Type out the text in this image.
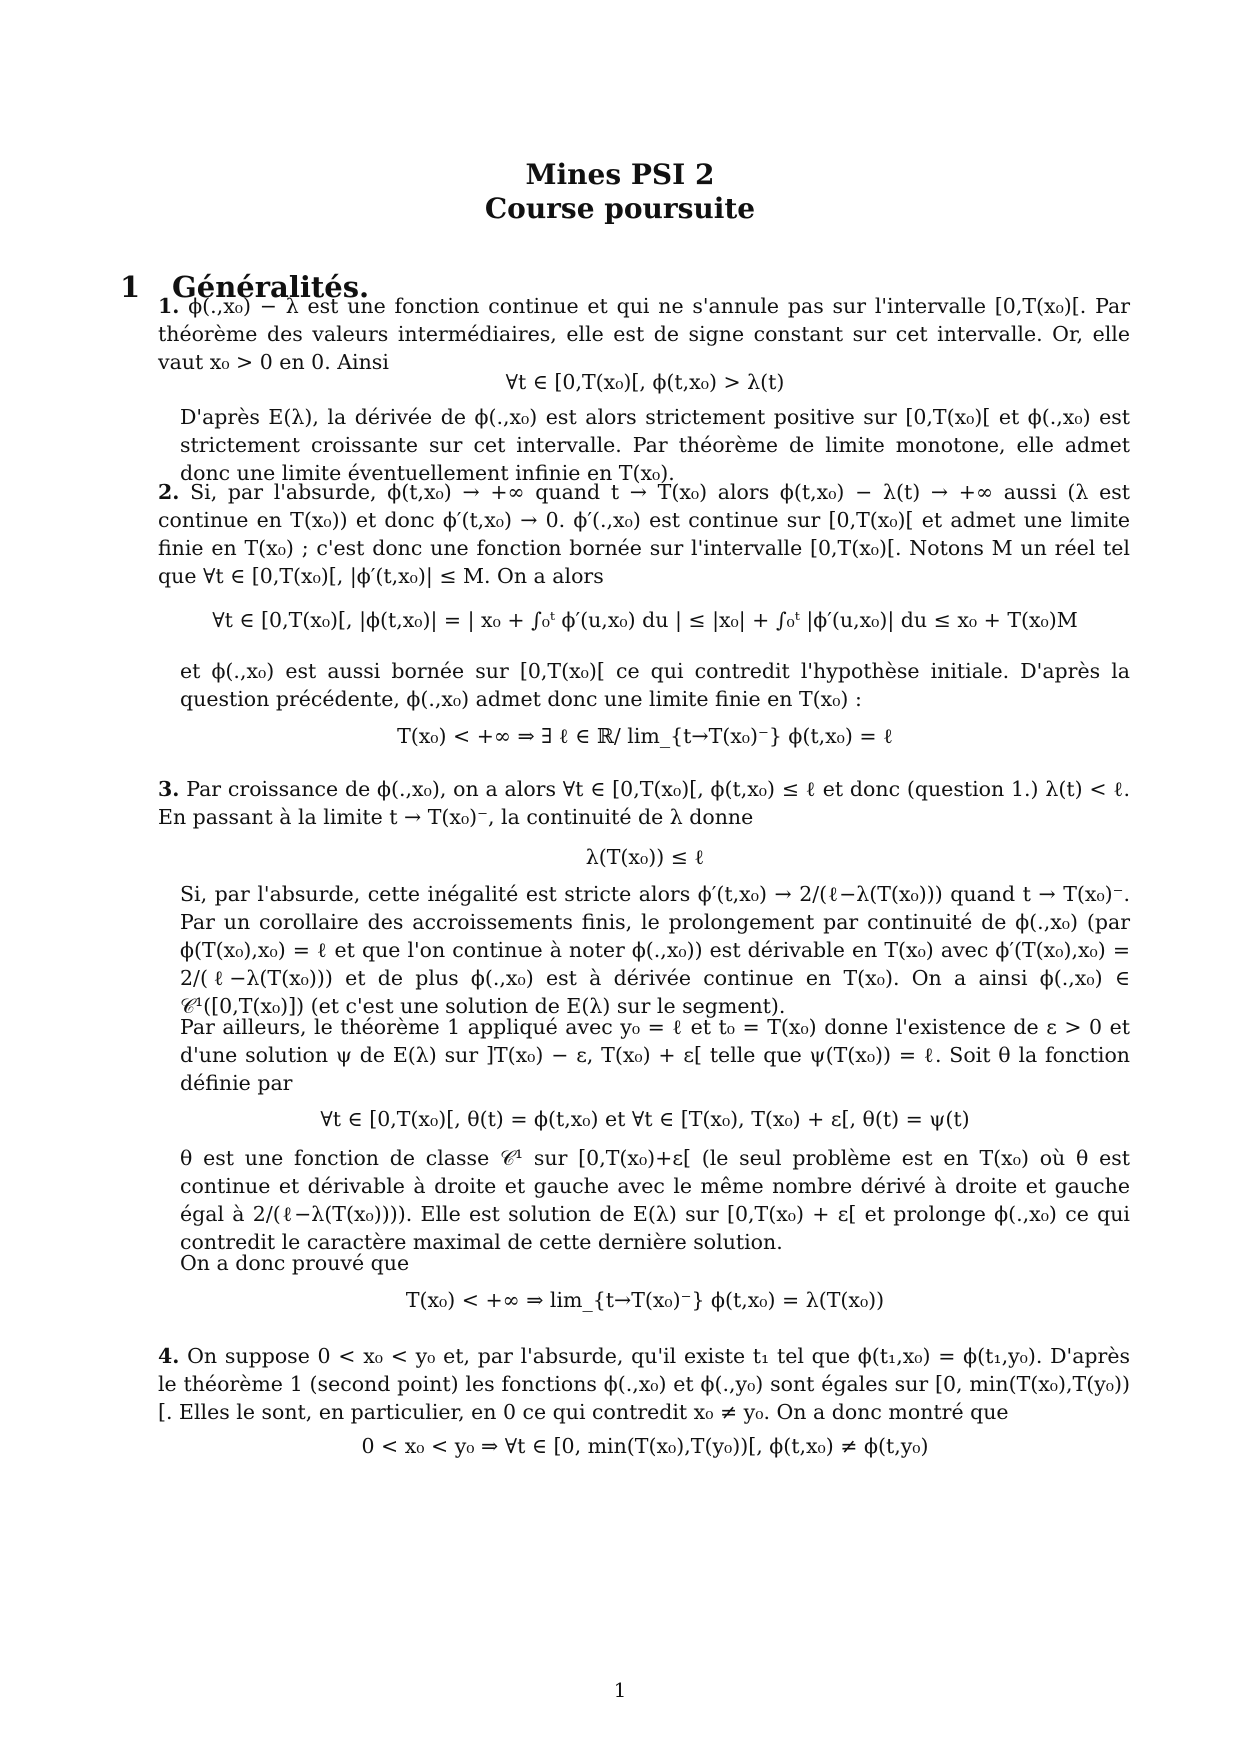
Mines PSI 2
Course poursuite
1 Généralités.

1. ϕ(.,x₀) − λ est une fonction continue et qui ne s'annule pas sur l'intervalle [0,T(x₀)[. Par théorème des valeurs intermédiaires, elle est de signe constant sur cet intervalle. Or, elle vaut x₀ > 0 en 0. Ainsi

∀t ∈ [0,T(x₀)[, ϕ(t,x₀) > λ(t)

D'après E(λ), la dérivée de ϕ(.,x₀) est alors strictement positive sur [0,T(x₀)[ et ϕ(.,x₀) est strictement croissante sur cet intervalle. Par théorème de limite monotone, elle admet donc une limite éventuellement infinie en T(x₀).

2. Si, par l'absurde, ϕ(t,x₀) → +∞ quand t → T(x₀) alors ϕ(t,x₀) − λ(t) → +∞ aussi (λ est continue en T(x₀)) et donc ϕ′(t,x₀) → 0. ϕ′(.,x₀) est continue sur [0,T(x₀)[ et admet une limite finie en T(x₀) ; c'est donc une fonction bornée sur l'intervalle [0,T(x₀)[. Notons M un réel tel que ∀t ∈ [0,T(x₀)[, |ϕ′(t,x₀)| ≤ M. On a alors

∀t ∈ [0,T(x₀)[, |ϕ(t,x₀)| = | x₀ + ∫₀ᵗ ϕ′(u,x₀) du | ≤ |x₀| + ∫₀ᵗ |ϕ′(u,x₀)| du ≤ x₀ + T(x₀)M

et ϕ(.,x₀) est aussi bornée sur [0,T(x₀)[ ce qui contredit l'hypothèse initiale. D'après la question précédente, ϕ(.,x₀) admet donc une limite finie en T(x₀) :

T(x₀) < +∞ ⇒ ∃ ℓ ∈ ℝ/ lim_{t→T(x₀)⁻} ϕ(t,x₀) = ℓ

3. Par croissance de ϕ(.,x₀), on a alors ∀t ∈ [0,T(x₀)[, ϕ(t,x₀) ≤ ℓ et donc (question 1.) λ(t) < ℓ. En passant à la limite t → T(x₀)⁻, la continuité de λ donne

λ(T(x₀)) ≤ ℓ

Si, par l'absurde, cette inégalité est stricte alors ϕ′(t,x₀) → 2/(ℓ−λ(T(x₀))) quand t → T(x₀)⁻. Par un corollaire des accroissements finis, le prolongement par continuité de ϕ(.,x₀) (par ϕ(T(x₀),x₀) = ℓ et que l'on continue à noter ϕ(.,x₀)) est dérivable en T(x₀) avec ϕ′(T(x₀),x₀) = 2/(ℓ−λ(T(x₀))) et de plus ϕ(.,x₀) est à dérivée continue en T(x₀). On a ainsi ϕ(.,x₀) ∈ 𝒞¹([0,T(x₀)]) (et c'est une solution de E(λ) sur le segment).

Par ailleurs, le théorème 1 appliqué avec y₀ = ℓ et t₀ = T(x₀) donne l'existence de ε > 0 et d'une solution ψ de E(λ) sur ]T(x₀) − ε, T(x₀) + ε[ telle que ψ(T(x₀)) = ℓ. Soit θ la fonction définie par

∀t ∈ [0,T(x₀)[, θ(t) = ϕ(t,x₀) et ∀t ∈ [T(x₀), T(x₀) + ε[, θ(t) = ψ(t)

θ est une fonction de classe 𝒞¹ sur [0,T(x₀)+ε[ (le seul problème est en T(x₀) où θ est continue et dérivable à droite et gauche avec le même nombre dérivé à droite et gauche égal à 2/(ℓ−λ(T(x₀)))). Elle est solution de E(λ) sur [0,T(x₀) + ε[ et prolonge ϕ(.,x₀) ce qui contredit le caractère maximal de cette dernière solution.

On a donc prouvé que

T(x₀) < +∞ ⇒ lim_{t→T(x₀)⁻} ϕ(t,x₀) = λ(T(x₀))

4. On suppose 0 < x₀ < y₀ et, par l'absurde, qu'il existe t₁ tel que ϕ(t₁,x₀) = ϕ(t₁,y₀). D'après le théorème 1 (second point) les fonctions ϕ(.,x₀) et ϕ(.,y₀) sont égales sur [0, min(T(x₀),T(y₀))[. Elles le sont, en particulier, en 0 ce qui contredit x₀ ≠ y₀. On a donc montré que

0 < x₀ < y₀ ⇒ ∀t ∈ [0, min(T(x₀),T(y₀))[, ϕ(t,x₀) ≠ ϕ(t,y₀)

1
